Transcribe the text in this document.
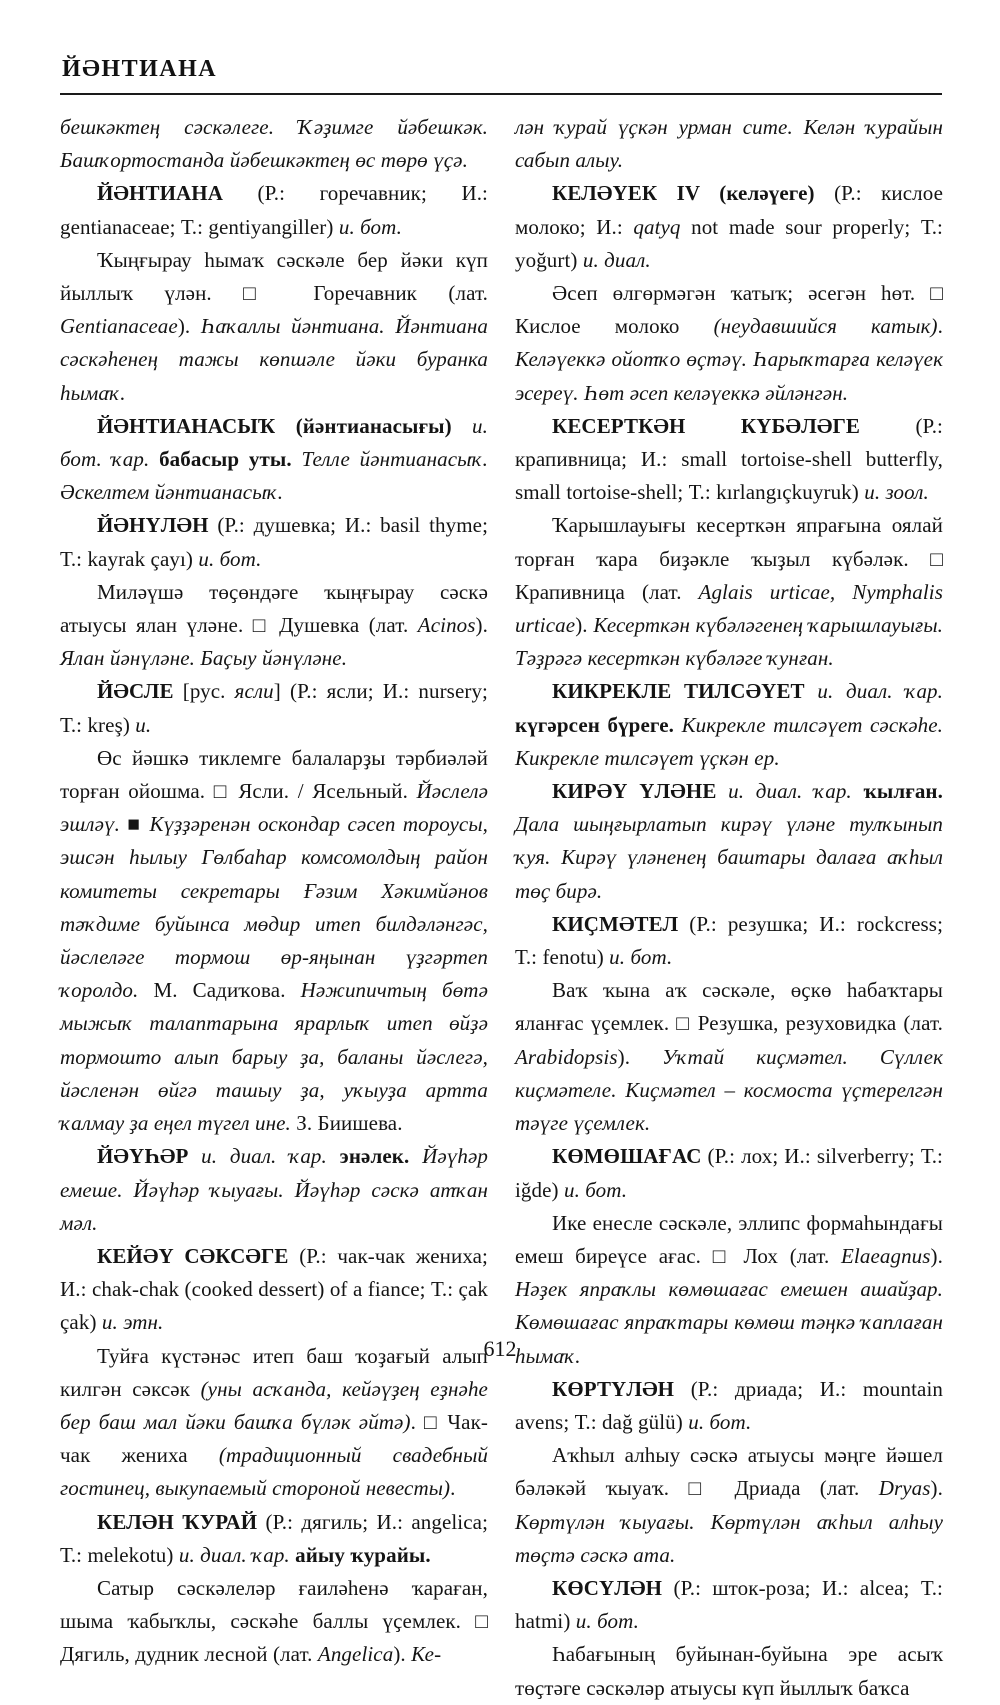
ЙӘНТИАНА

бешкәктең сәскәлеге. Ҡәҙимге йәбешкәк. Башҡортостанда йәбешкәктең өс төрө үҫә.

ЙӘНТИАНА (Р.: горечавник; И.: gentianaceae; Т.: gentiyangiller) и. бот.

Ҡыңғырау һымаҡ сәскәле бер йәки күп йыллыҡ үлән. □ Горечавник (лат. Gentianaceae). Һаҡаллы йәнтиана. Йәнтиана сәскәһенең тажы көпшәле йәки буранка һымаҡ.

ЙӘНТИАНАСЫҠ (йәнтианасығы) и. бот. ҡар. бабасыр уты. Телле йәнтианасыҡ. Әскелтем йәнтианасыҡ.

ЙӘНҮЛӘН (Р.: душевка; И.: basil thyme; Т.: kayrak çayı) и. бот.

Миләүшә төҫөндәге ҡыңғырау сәскә атыусы ялан үләне. □ Душевка (лат. Acinos). Ялан йәнүләне. Баҫыу йәнүләне.

ЙӘСЛЕ [рус. ясли] (Р.: ясли; И.: nursery; Т.: kreş) и.

Өс йәшкә тиклемге балаларҙы тәрбиәләй торған ойошма. □ Ясли. / Ясельный. Йәслелә эшләү. ■ Күҙҙәренән оскондар сәсеп тороусы, эшсән һылыу Гөлбаһар комсомолдың район комитеты секретары Ғәзим Хәкимйәнов тәҡдиме буйынса мөдир итеп билдәләнгәс, йәслеләге тормош өр-яңынан үҙгәртеп ҡоролдо. М. Садиҡова. Нәжипичтың бөтә мыжыҡ талаптарына ярарлыҡ итеп өйҙә тормошто алып барыу ҙа, баланы йәслегә, йәсленән өйгә ташыу ҙа, уҡыуҙа артта ҡалмау ҙа еңел түгел ине. З. Биишева.

ЙӘҮҺӘР и. диал. ҡар. энәлек. Йәүһәр емеше. Йәүһәр ҡыуағы. Йәүһәр сәскә атҡан мәл.

КЕЙӘҮ СӘКСӘГЕ (Р.: чак-чак жениха; И.: chak-chak (cooked dessert) of a fiance; Т.: çak çak) и. этн.

Туйға күстәнәс итеп баш ҡоҙағый алып килгән сәксәк (уны асҡанда, кейәүҙең еҙнәһе бер баш мал йәки башҡа бүләк әйтә). □ Чак-чак жениха (традиционный свадебный гостинец, выкупаемый стороной невесты).

КЕЛӘН ҠУРАЙ (Р.: дягиль; И.: angelica; Т.: melekotu) и. диал. ҡар. айыу ҡурайы.

Сатыр сәскәлеләр ғаиләһенә ҡараған, шыма ҡабыҡлы, сәскәһе баллы үҫемлек. □ Дягиль, дудник лесной (лат. Angelica). Ке-

лән ҡурай үҫкән урман сите. Келән ҡурайын сабып алыу.

КЕЛӘҮЕК IV (келәүеге) (Р.: кислое молоко; И.: qatyq not made sour properly; Т.: yoğurt) и. диал.

Әсеп өлгөрмәгән ҡатыҡ; әсегән һөт. □ Кислое молоко (неудавшийся катык). Келәүеккә ойотҡо өҫтәү. Һарыҡтарға келәүек эсереү. Һөт әсеп келәүеккә әйләнгән.

КЕСЕРТКӘН КҮБӘЛӘГЕ (Р.: крапивница; И.: small tortoise-shell butterfly, small tortoise-shell; Т.: kırlangıçkuyruk) и. зоол.

Ҡарышлауығы кесерткән япрағына оялай торған ҡара биҙәкле ҡыҙыл күбәләк. □ Крапивница (лат. Aglais urticae, Nymphalis urticae). Кесерткән күбәләгенең ҡарышлауығы. Тәҙрәгә кесерткән күбәләге ҡунған.

КИКРЕКЛЕ ТИЛСӘҮЕТ и. диал. ҡар. күгәрсен бүреге. Кикрекле тилсәүет сәскәһе. Кикрекле тилсәүет үҫкән ер.

КИРӘҮ ҮЛӘНЕ и. диал. ҡар. ҡылған. Дала шыңғырлатып кирәү үләне тулҡынып ҡуя. Кирәү үләненең баштары далаға аҡһыл төҫ бирә.

КИҪМӘТЕЛ (Р.: резушка; И.: rockcress; Т.: fenotu) и. бот.

Ваҡ ҡына аҡ сәскәле, өҫкө һабаҡтары яланғас үҫемлек. □ Резушка, резуховидка (лат. Arabidopsis). Уҡтай киҫмәтел. Сүллек киҫмәтеле. Киҫмәтел – космоста үҫтерелгән тәүге үҫемлек.

КӨМӨШАҒАС (Р.: лох; И.: silverberry; Т.: iğde) и. бот.

Ике енесле сәскәле, эллипс формаһындағы емеш биреүсе ағас. □ Лох (лат. Elaeagnus). Нәҙек япраҡлы көмөшағас емешен ашайҙар. Көмөшағас япраҡтары көмөш тәңкә ҡаплаған һымаҡ.

КӨРТҮЛӘН (Р.: дриада; И.: mountain avens; Т.: dağ gülü) и. бот.

Аҡһыл алһыу сәскә атыусы мәңге йәшел бәләкәй ҡыуаҡ. □ Дриада (лат. Dryas). Көртүлән ҡыуағы. Көртүлән аҡһыл алһыу төҫтә сәскә ата.

КӨСҮЛӘН (Р.: шток-роза; И.: alcea; Т.: hatmi) и. бот.

Һабағының буйынан-буйына эре асыҡ төҫтәге сәскәләр атыусы күп йыллыҡ баҡса

612
